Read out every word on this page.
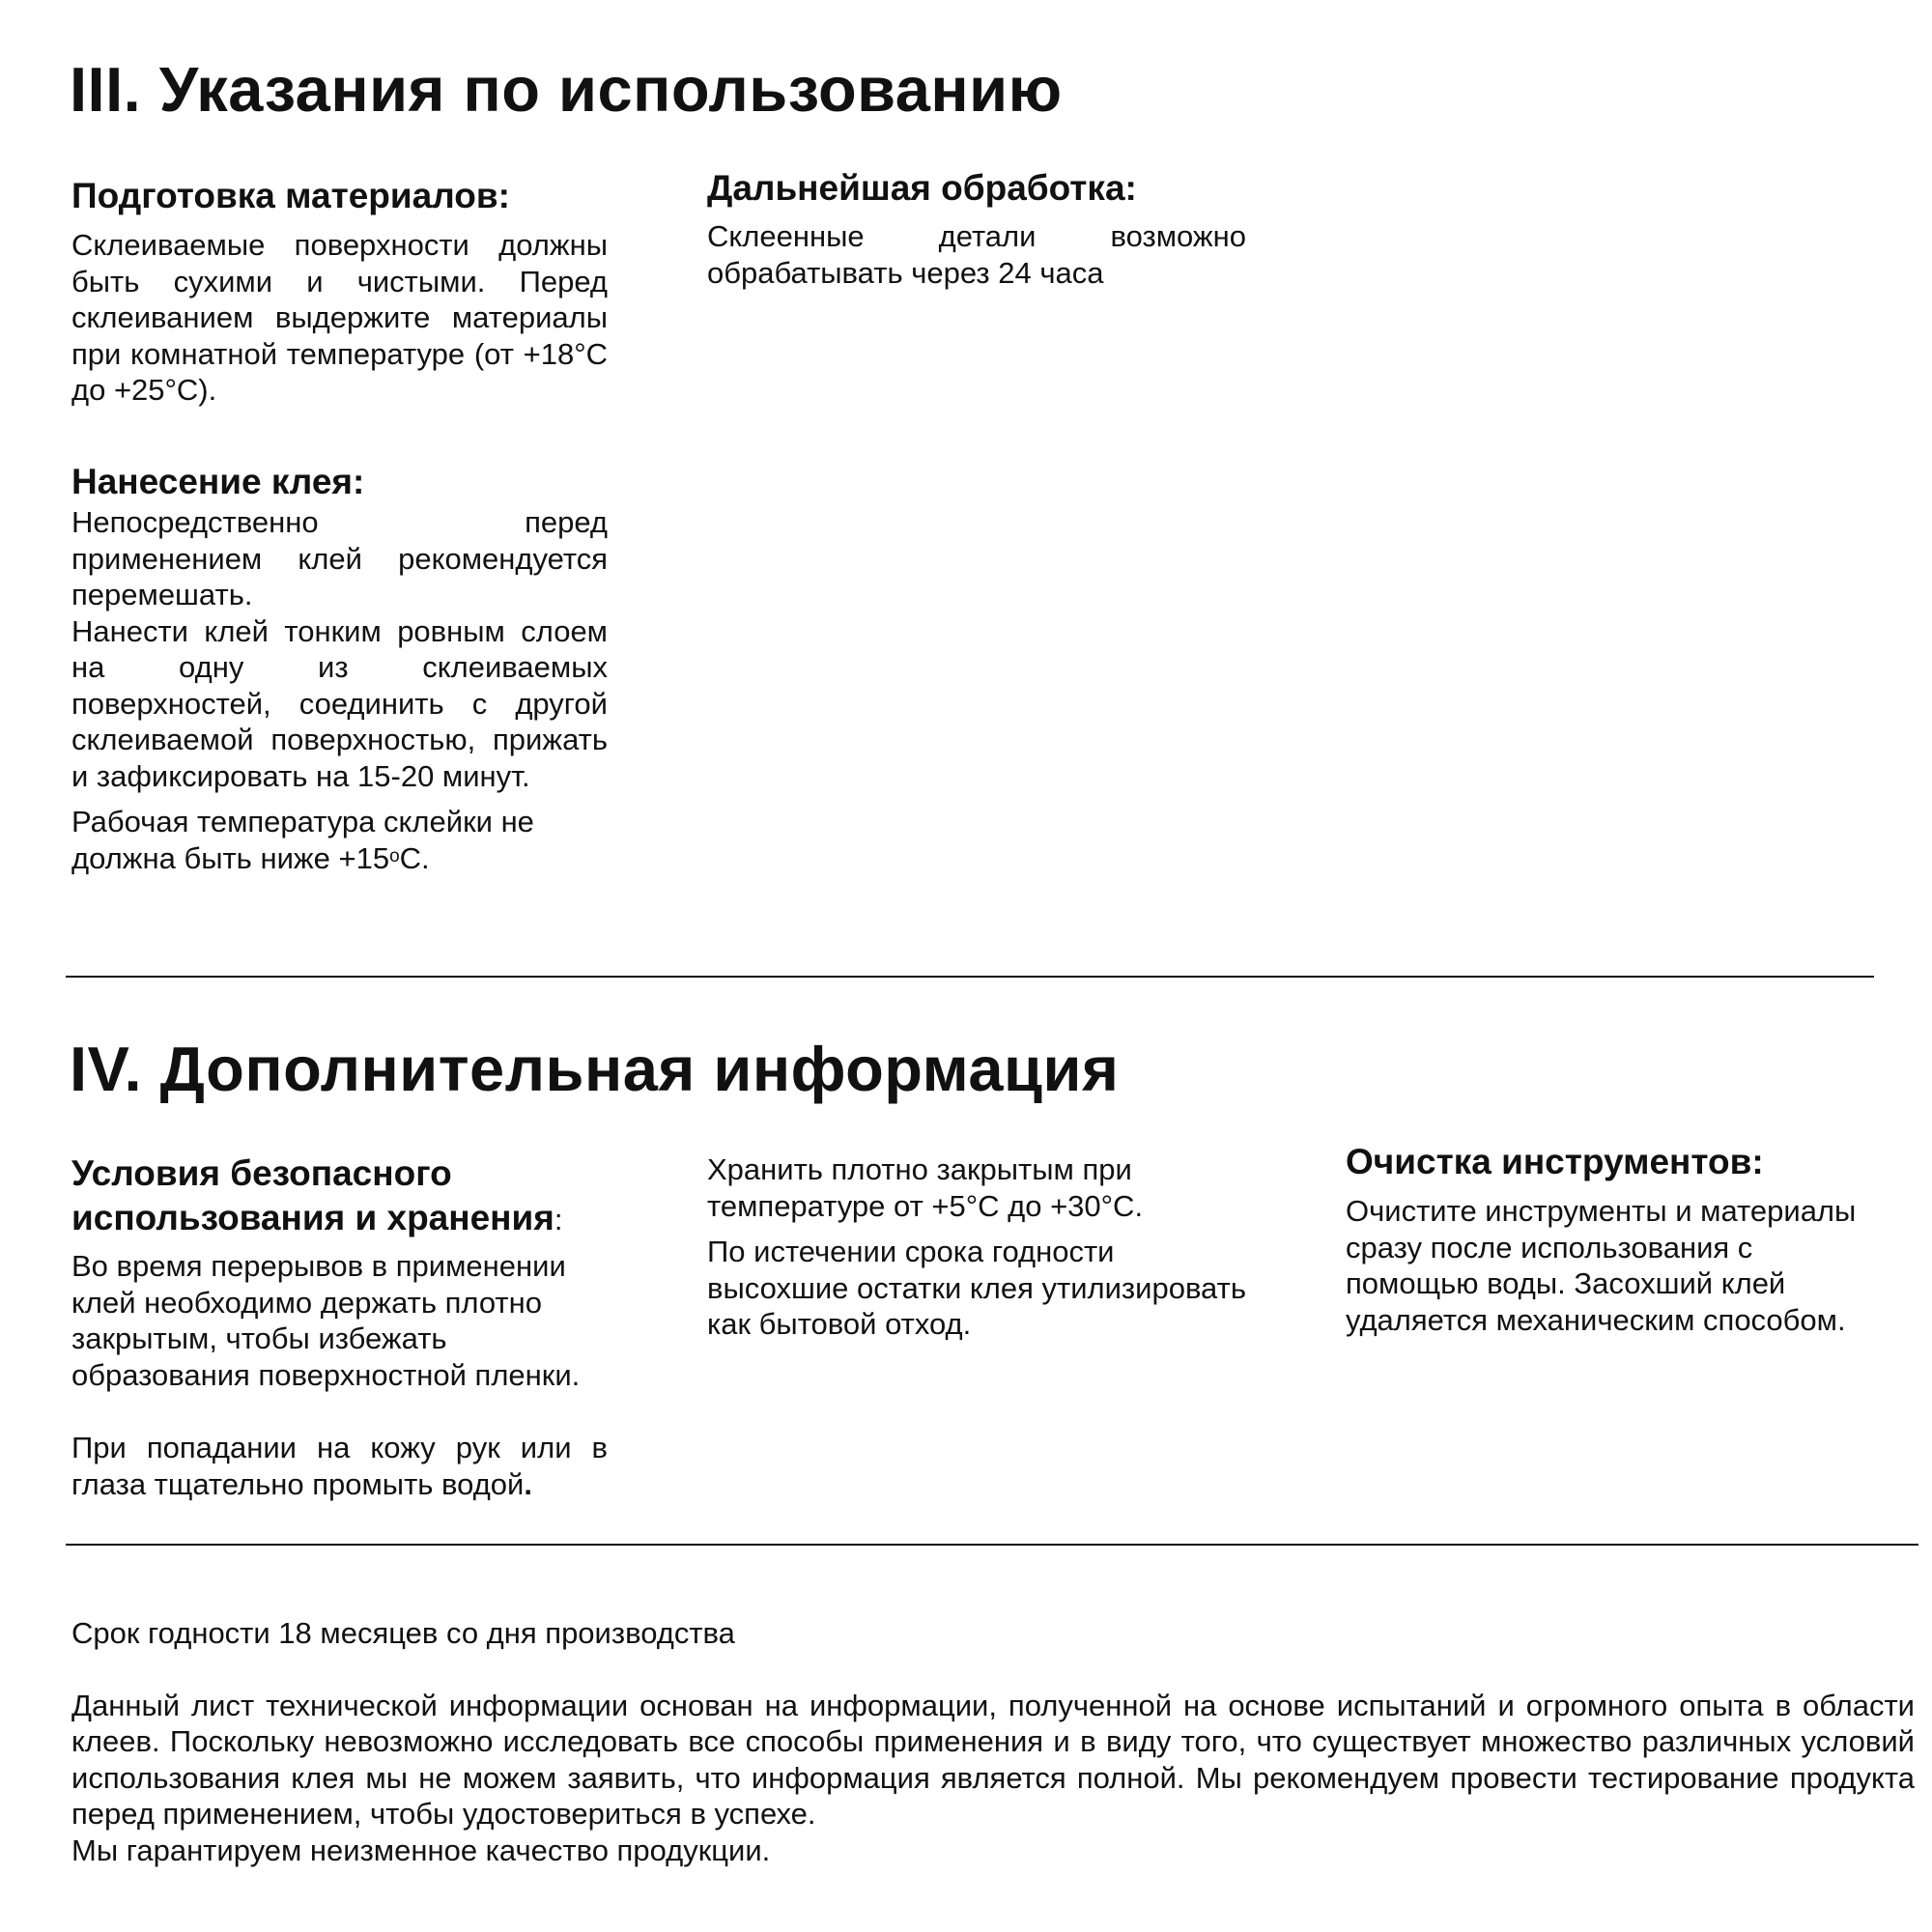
III. Указания по использованию
Подготовка материалов:

Склеиваемые поверхности должны быть сухими и чистыми. Перед склеиванием выдержите материалы при комнатной температуре (от +18°С до +25°С).

Нанесение клея:

Непосредственно перед применением клей рекомендуется перемешать.

Нанести клей тонким ровным слоем на одну из склеиваемых поверхностей, соединить с другой склеиваемой поверхностью, прижать и зафиксировать на 15-20 минут.

Рабочая температура склейки не должна быть ниже $+15^оС$.

Дальнейшая обработка:

Склеенные детали возможно обрабатывать через 24 часа

IV. Дополнительная информация
Условия безопасного использования и хранения:

Во время перерывов в применении клей необходимо держать плотно закрытым, чтобы избежать образования поверхностной пленки.

При попадании на кожу рук или в глаза тщательно промыть водой.

Хранить плотно закрытым при температуре от +5°С до +30°С.

По истечении срока годности высохшие остатки клея утилизировать как бытовой отход.

Очистка инструментов:

Очистите инструменты и материалы сразу после использования с помощью воды. Засохший клей удаляется механическим способом.

Срок годности 18 месяцев со дня производства

Данный лист технической информации основан на информации, полученной на основе испытаний и огромного опыта в области клеев. Поскольку невозможно исследовать все способы применения и в виду того, что существует множество различных условий использования клея мы не можем заявить, что информация является полной. Мы рекомендуем провести тестирование продукта перед применением, чтобы удостовериться в успехе.

Мы гарантируем неизменное качество продукции.
